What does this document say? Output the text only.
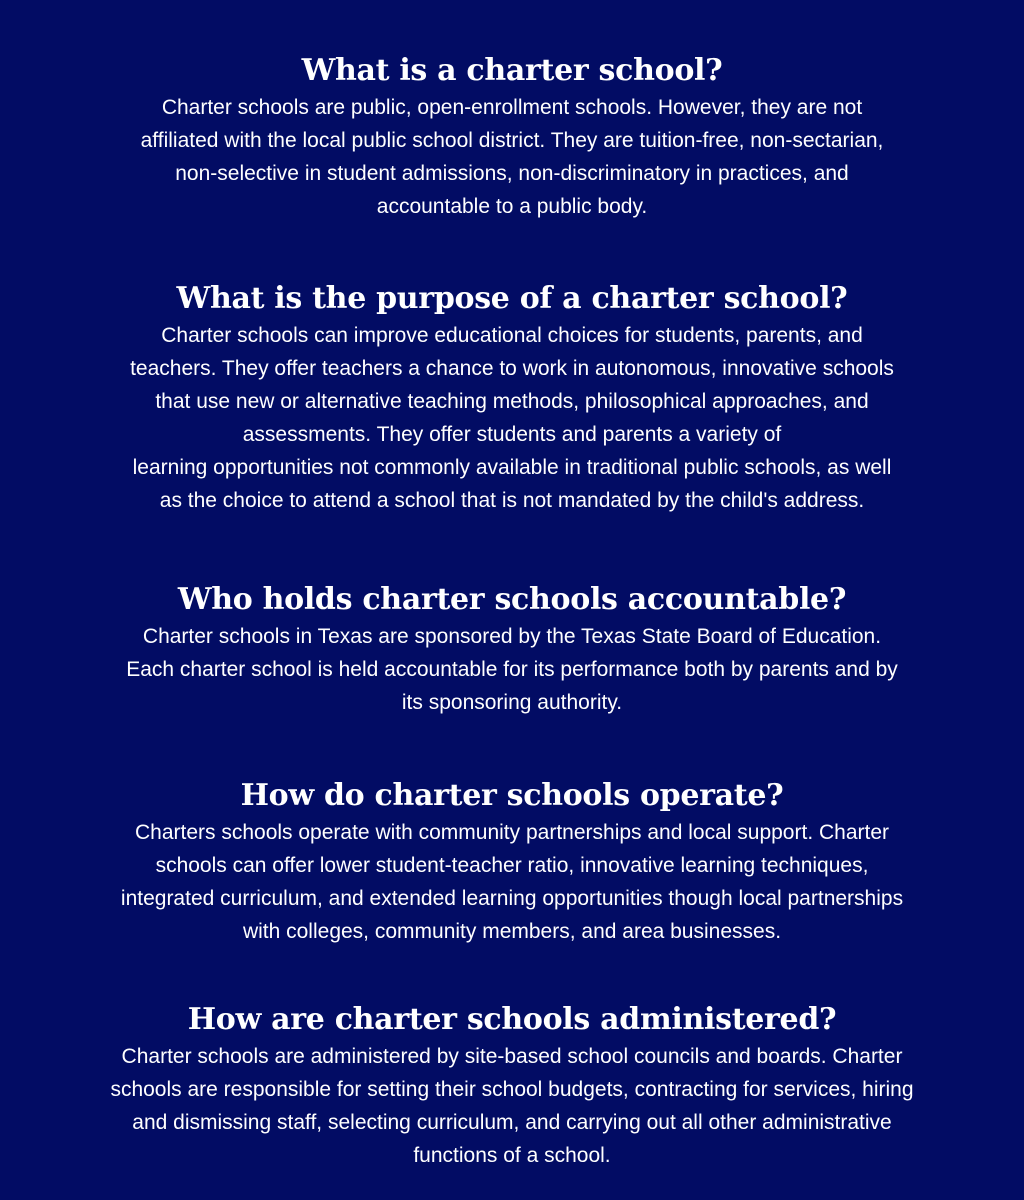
What is a charter school?

Charter schools are public, open-enrollment schools. However, they are not
affiliated with the local public school district. They are tuition-free, non-sectarian,
non-selective in student admissions, non-discriminatory in practices, and
accountable to a public body.

What is the purpose of a charter school?

Charter schools can improve educational choices for students, parents, and
teachers. They offer teachers a chance to work in autonomous, innovative schools
that use new or alternative teaching methods, philosophical approaches, and
assessments. They offer students and parents a variety of
learning opportunities not commonly available in traditional public schools, as well
as the choice to attend a school that is not mandated by the child's address.

Who holds charter schools accountable?

Charter schools in Texas are sponsored by the Texas State Board of Education.
Each charter school is held accountable for its performance both by parents and by
its sponsoring authority.

How do charter schools operate?

Charters schools operate with community partnerships and local support. Charter
schools can offer lower student-teacher ratio, innovative learning techniques,
integrated curriculum, and extended learning opportunities though local partnerships
with colleges, community members, and area businesses.

How are charter schools administered?

Charter schools are administered by site-based school councils and boards. Charter
schools are responsible for setting their school budgets, contracting for services, hiring
and dismissing staff, selecting curriculum, and carrying out all other administrative
functions of a school.
